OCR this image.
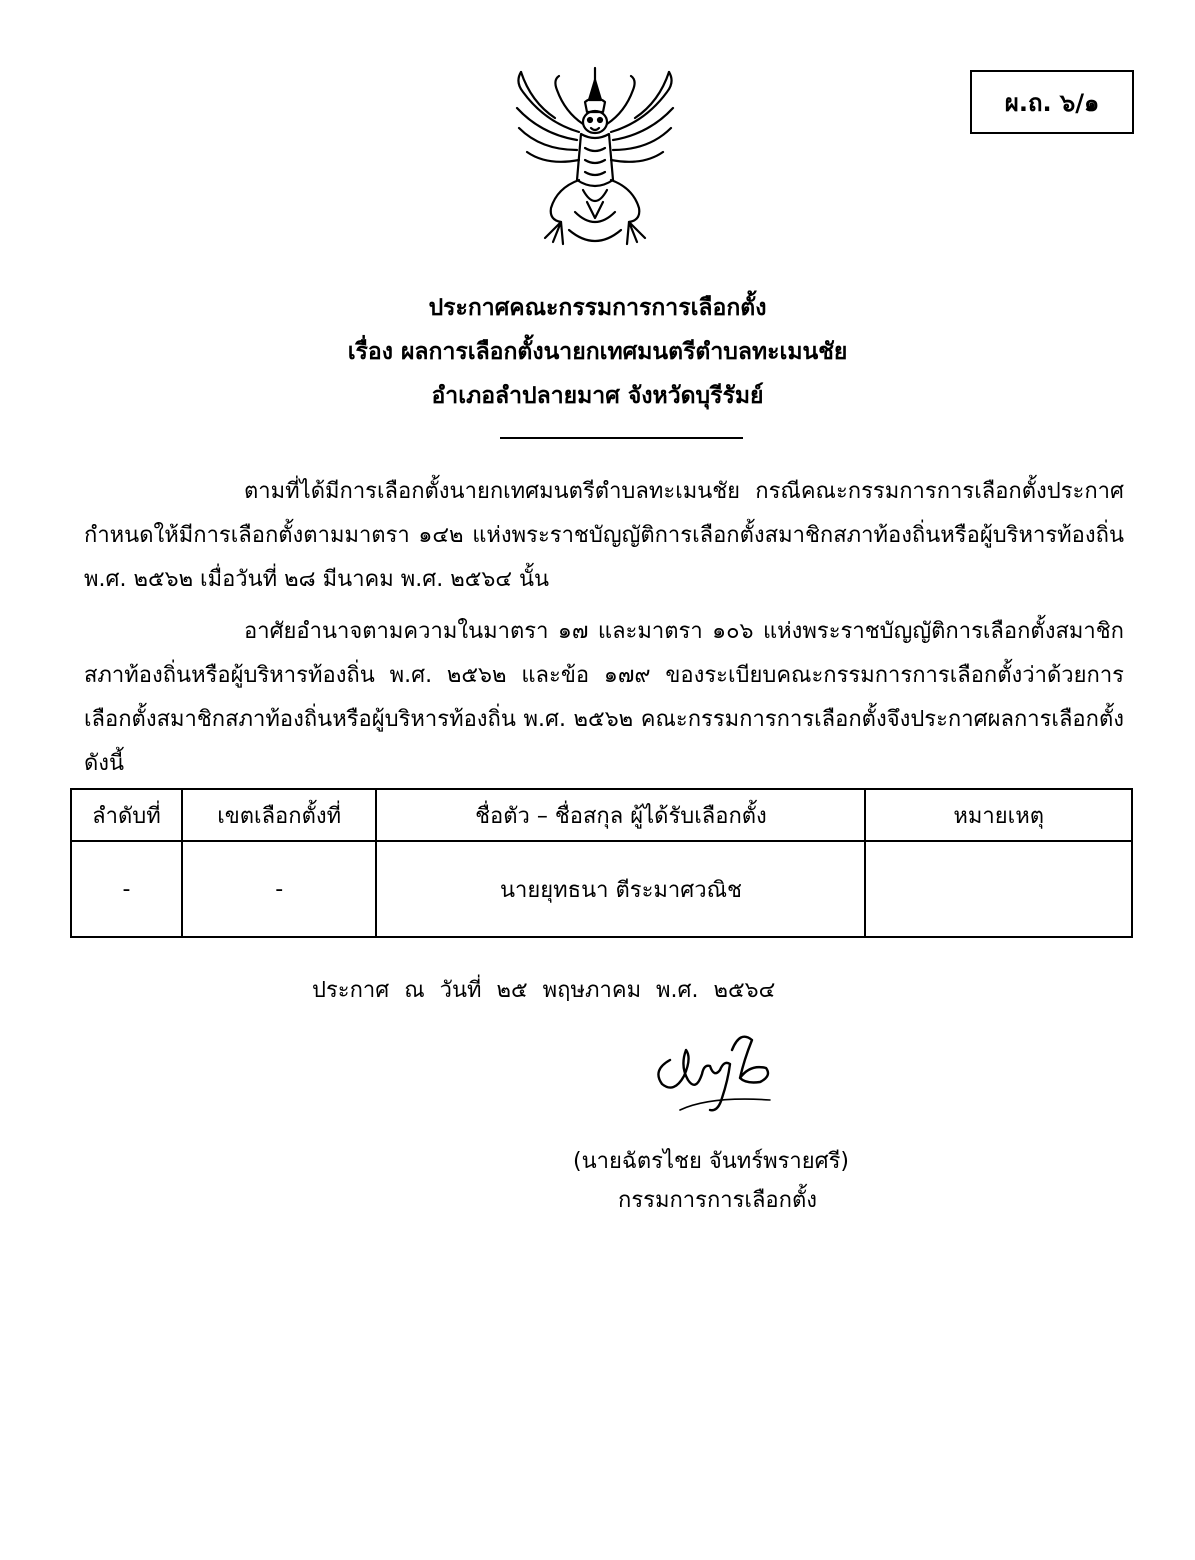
ผ.ถ. ๖/๑
ประกาศคณะกรรมการการเลือกตั้ง
เรื่อง ผลการเลือกตั้งนายกเทศมนตรีตำบลทะเมนชัย
อำเภอลำปลายมาศ จังหวัดบุรีรัมย์
ตามที่ได้มีการเลือกตั้งนายกเทศมนตรีตำบลทะเมนชัย กรณีคณะกรรมการการเลือกตั้งประกาศกำหนดให้มีการเลือกตั้งตามมาตรา ๑๔๒ แห่งพระราชบัญญัติการเลือกตั้งสมาชิกสภาท้องถิ่นหรือผู้บริหารท้องถิ่น พ.ศ. ๒๕๖๒ เมื่อวันที่ ๒๘ มีนาคม พ.ศ. ๒๕๖๔ นั้น
อาศัยอำนาจตามความในมาตรา ๑๗ และมาตรา ๑๐๖ แห่งพระราชบัญญัติการเลือกตั้งสมาชิกสภาท้องถิ่นหรือผู้บริหารท้องถิ่น พ.ศ. ๒๕๖๒ และข้อ ๑๗๙ ของระเบียบคณะกรรมการการเลือกตั้งว่าด้วยการเลือกตั้งสมาชิกสภาท้องถิ่นหรือผู้บริหารท้องถิ่น พ.ศ. ๒๕๖๒ คณะกรรมการการเลือกตั้งจึงประกาศผลการเลือกตั้ง ดังนี้
ลำดับที่	เขตเลือกตั้งที่	ชื่อตัว – ชื่อสกุล ผู้ได้รับเลือกตั้ง	หมายเหตุ
-	-	นายยุทธนา ตีระมาศวณิช	
ประกาศ ณ วันที่ ๒๕ พฤษภาคม พ.ศ. ๒๕๖๔
(นายฉัตรไชย จันทร์พรายศรี)
กรรมการการเลือกตั้ง
